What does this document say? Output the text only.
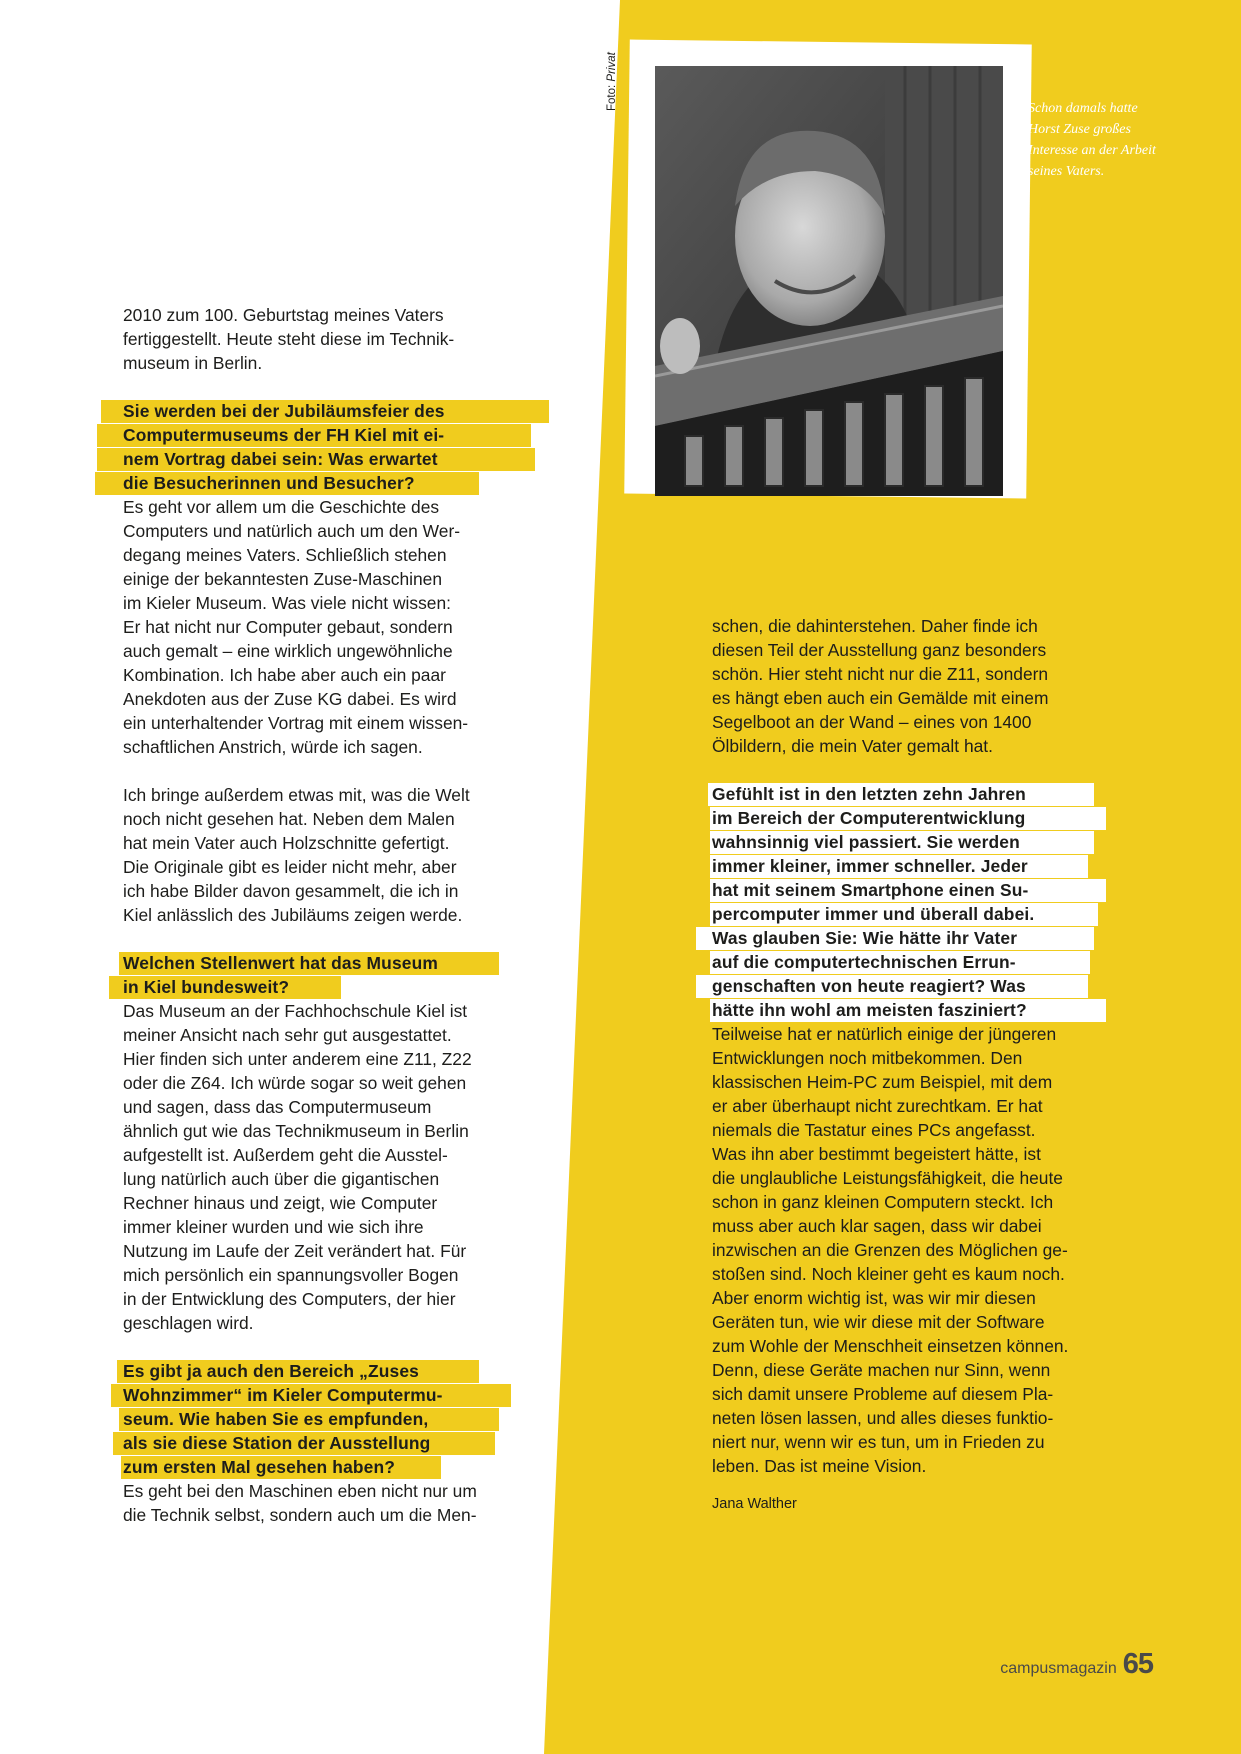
Foto: Privat
Schon damals hatte
Horst Zuse großes
Interesse an der Arbeit
seines Vaters.
2010 zum 100. Geburtstag meines Vaters
fertiggestellt. Heute steht diese im Technik-
museum in Berlin.
Sie werden bei der Jubiläumsfeier des
Computermuseums der FH Kiel mit ei-
nem Vortrag dabei sein: Was erwartet
die Besucherinnen und Besucher?
Es geht vor allem um die Geschichte des
Computers und natürlich auch um den Wer-
degang meines Vaters. Schließlich stehen
einige der bekanntesten Zuse-Maschinen
im Kieler Museum. Was viele nicht wissen:
Er hat nicht nur Computer gebaut, sondern
auch gemalt – eine wirklich ungewöhnliche
Kombination. Ich habe aber auch ein paar
Anekdoten aus der Zuse KG dabei. Es wird
ein unterhaltender Vortrag mit einem wissen-
schaftlichen Anstrich, würde ich sagen.
Ich bringe außerdem etwas mit, was die Welt
noch nicht gesehen hat. Neben dem Malen
hat mein Vater auch Holzschnitte gefertigt.
Die Originale gibt es leider nicht mehr, aber
ich habe Bilder davon gesammelt, die ich in
Kiel anlässlich des Jubiläums zeigen werde.
Welchen Stellenwert hat das Museum
in Kiel bundesweit?
Das Museum an der Fachhochschule Kiel ist
meiner Ansicht nach sehr gut ausgestattet.
Hier finden sich unter anderem eine Z11, Z22
oder die Z64. Ich würde sogar so weit gehen
und sagen, dass das Computermuseum
ähnlich gut wie das Technikmuseum in Berlin
aufgestellt ist. Außerdem geht die Ausstel-
lung natürlich auch über die gigantischen
Rechner hinaus und zeigt, wie Computer
immer kleiner wurden und wie sich ihre
Nutzung im Laufe der Zeit verändert hat. Für
mich persönlich ein spannungsvoller Bogen
in der Entwicklung des Computers, der hier
geschlagen wird.
Es gibt ja auch den Bereich „Zuses
Wohnzimmer“ im Kieler Computermu-
seum. Wie haben Sie es empfunden,
als sie diese Station der Ausstellung
zum ersten Mal gesehen haben?
Es geht bei den Maschinen eben nicht nur um
die Technik selbst, sondern auch um die Men-
schen, die dahinterstehen. Daher finde ich
diesen Teil der Ausstellung ganz besonders
schön. Hier steht nicht nur die Z11, sondern
es hängt eben auch ein Gemälde mit einem
Segelboot an der Wand – eines von 1400
Ölbildern, die mein Vater gemalt hat.
Gefühlt ist in den letzten zehn Jahren
im Bereich der Computerentwicklung
wahnsinnig viel passiert. Sie werden
immer kleiner, immer schneller. Jeder
hat mit seinem Smartphone einen Su-
percomputer immer und überall dabei.
Was glauben Sie: Wie hätte ihr Vater
auf die computertechnischen Errun-
genschaften von heute reagiert? Was
hätte ihn wohl am meisten fasziniert?
Teilweise hat er natürlich einige der jüngeren
Entwicklungen noch mitbekommen. Den
klassischen Heim-PC zum Beispiel, mit dem
er aber überhaupt nicht zurechtkam. Er hat
niemals die Tastatur eines PCs angefasst.
Was ihn aber bestimmt begeistert hätte, ist
die unglaubliche Leistungsfähigkeit, die heute
schon in ganz kleinen Computern steckt. Ich
muss aber auch klar sagen, dass wir dabei
inzwischen an die Grenzen des Möglichen ge-
stoßen sind. Noch kleiner geht es kaum noch.
Aber enorm wichtig ist, was wir mir diesen
Geräten tun, wie wir diese mit der Software
zum Wohle der Menschheit einsetzen können.
Denn, diese Geräte machen nur Sinn, wenn
sich damit unsere Probleme auf diesem Pla-
neten lösen lassen, und alles dieses funktio-
niert nur, wenn wir es tun, um in Frieden zu
leben. Das ist meine Vision.
Jana Walther
campusmagazin 65
